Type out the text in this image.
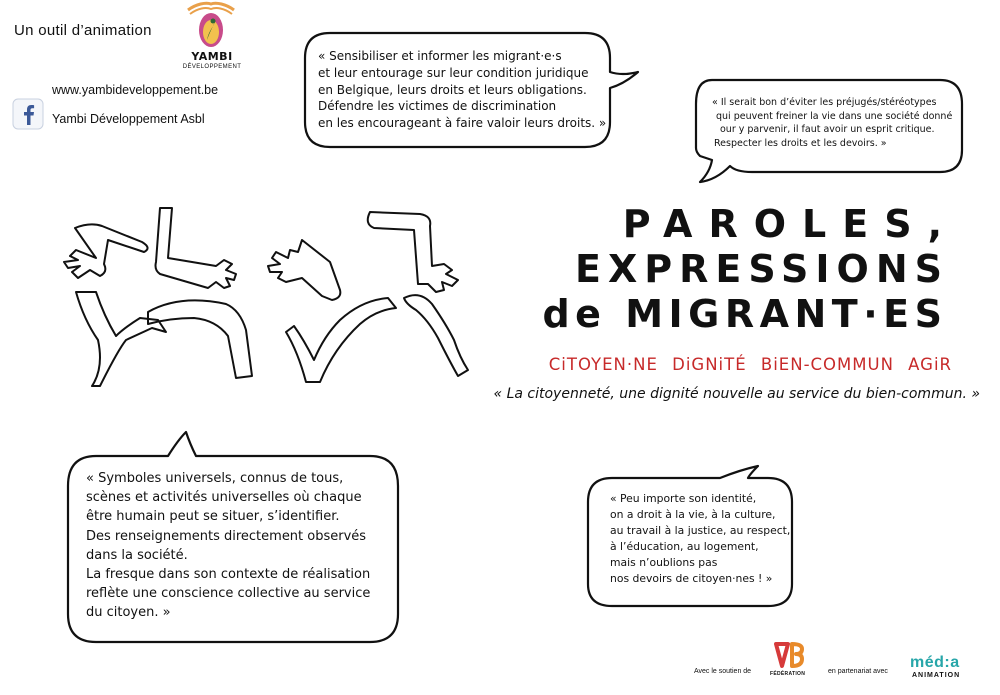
Un outil d’animation
YAMBI
DÉVELOPPEMENT
www.yambideveloppement.be
Yambi Développement Asbl
« Sensibiliser et informer les migrant·e·s
et leur entourage sur leur condition juridique
en Belgique, leurs droits et leurs obligations.
Défendre les victimes de discrimination
en les encourageant à faire valoir leurs droits. »
« Il serait bon d’éviter les préjugés/stéréotypes
qui peuvent freiner la vie dans une société donné
our y parvenir, il faut avoir un esprit critique.
Respecter les droits et les devoirs. »
« Symboles universels, connus de tous,
scènes et activités universelles où chaque
être humain peut se situer, s’identifier.
Des renseignements directement observés
dans la société.
La fresque dans son contexte de réalisation
reflète une conscience collective au service
du citoyen. »
« Peu importe son identité,
on a droit à la vie, à la culture,
au travail à la justice, au respect,
à l’éducation, au logement,
mais n’oublions pas
nos devoirs de citoyen·nes ! »
PAROLES,
EXPRESSIONS
de MIGRANT·ES
CiTOYEN·NE DiGNiTÉ BiEN-COMMUN AGiR
« La citoyenneté, une dignité nouvelle au service du bien-commun. »
Avec le soutien de	FÉDÉRATION	en partenariat avec
méd:a
ANIMATION
